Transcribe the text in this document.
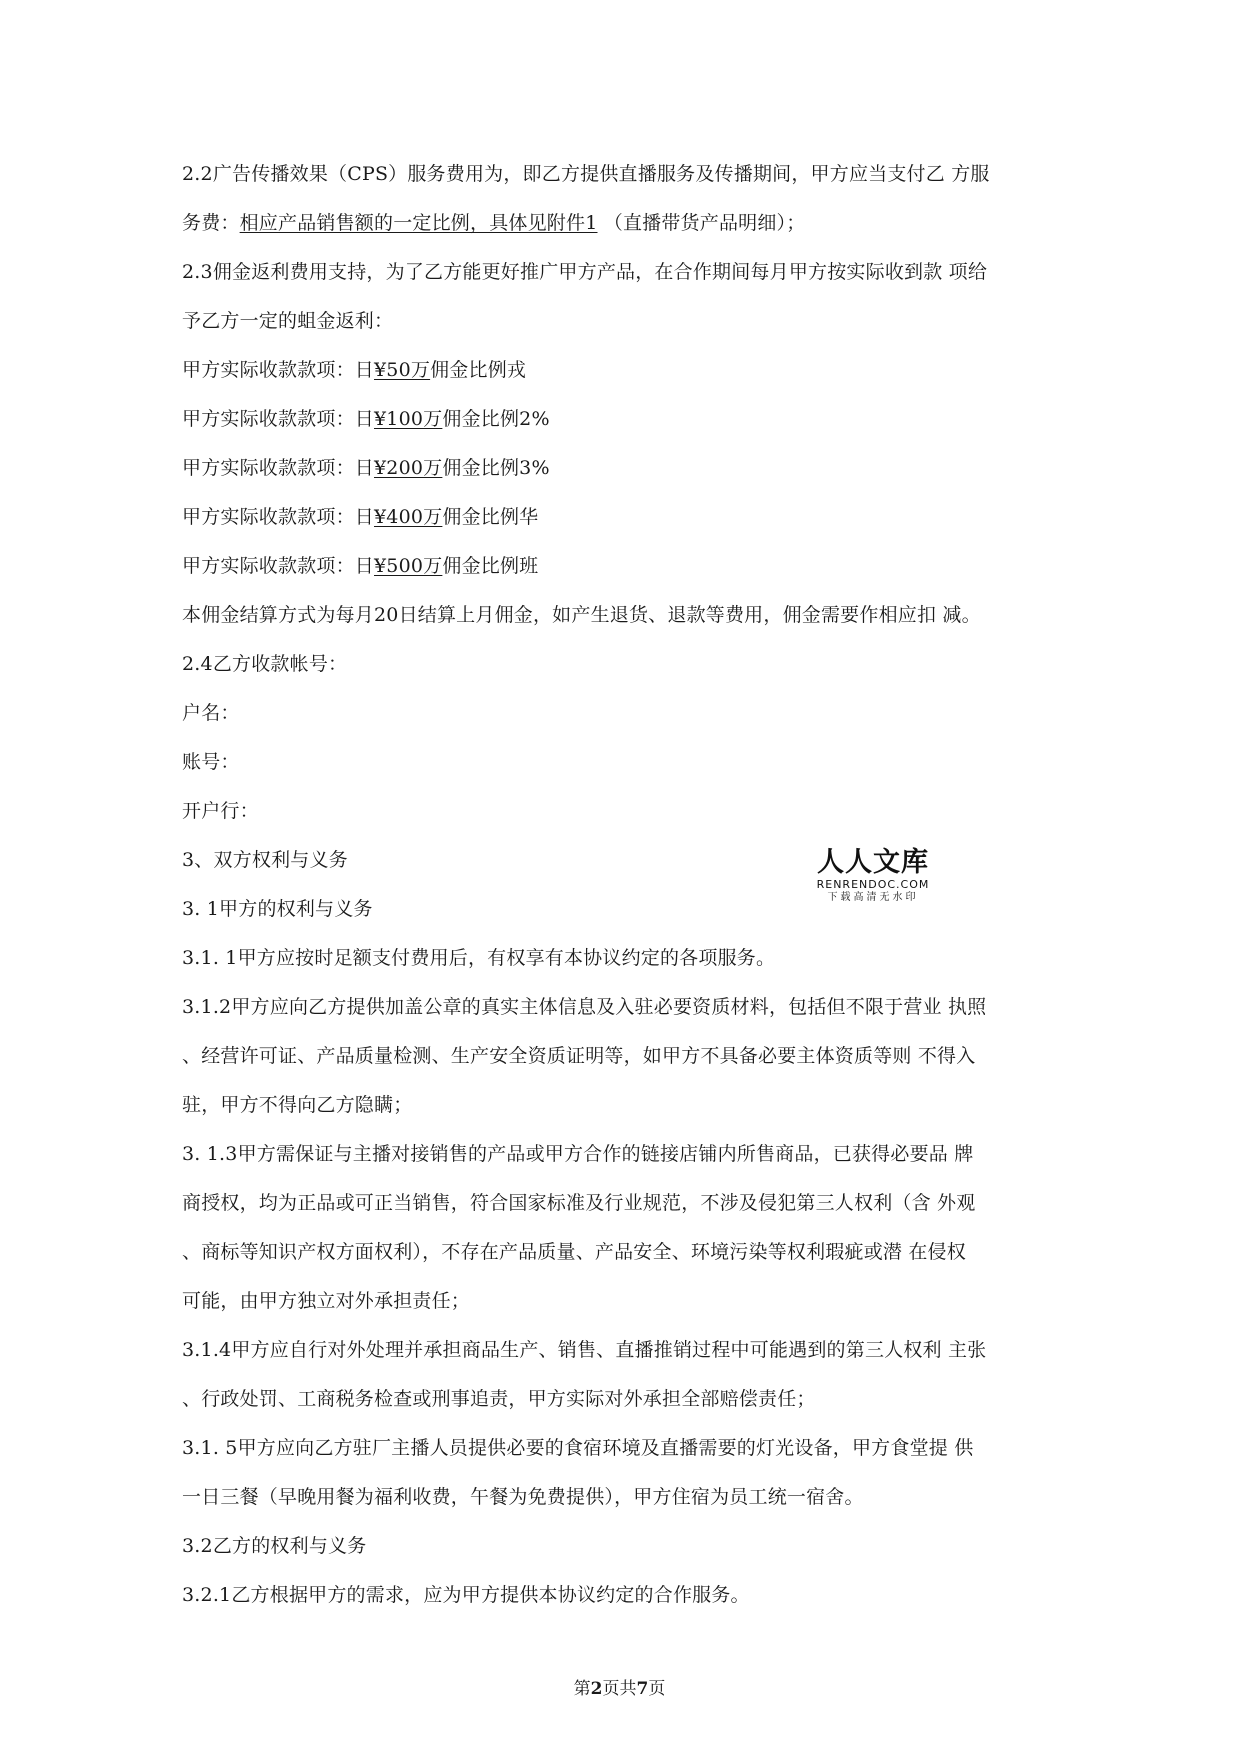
2.2广告传播效果（CPS）服务费用为，即乙方提供直播服务及传播期间，甲方应当支付乙 方服

务费：相应产品销售额的一定比例，具体见附件1 （直播带货产品明细）；

2.3佣金返利费用支持，为了乙方能更好推广甲方产品，在合作期间每月甲方按实际收到款 项给

予乙方一定的蛆金返利：

甲方实际收款款项：日¥50万佣金比例戎

甲方实际收款款项：日¥100万佣金比例2%

甲方实际收款款项：日¥200万佣金比例3%

甲方实际收款款项：日¥400万佣金比例华

甲方实际收款款项：日¥500万佣金比例班

本佣金结算方式为每月20日结算上月佣金，如产生退货、退款等费用，佣金需要作相应扣 减。

2.4乙方收款帐号：

户名：

账号：

开户行：

3、双方权利与义务

3. 1甲方的权利与义务

3.1. 1甲方应按时足额支付费用后，有权享有本协议约定的各项服务。

3.1.2甲方应向乙方提供加盖公章的真实主体信息及入驻必要资质材料，包括但不限于营业 执照

、经营许可证、产品质量检测、生产安全资质证明等，如甲方不具备必要主体资质等则 不得入

驻，甲方不得向乙方隐瞒；

3. 1.3甲方需保证与主播对接销售的产品或甲方合作的链接店铺内所售商品，已获得必要品 牌

商授权，均为正品或可正当销售，符合国家标准及行业规范，不涉及侵犯第三人权利（含 外观

、商标等知识产权方面权利），不存在产品质量、产品安全、环境污染等权利瑕疵或潜 在侵权

可能，由甲方独立对外承担责任；

3.1.4甲方应自行对外处理并承担商品生产、销售、直播推销过程中可能遇到的第三人权利 主张

、行政处罚、工商税务检查或刑事追责，甲方实际对外承担全部赔偿责任；

3.1. 5甲方应向乙方驻厂主播人员提供必要的食宿环境及直播需要的灯光设备，甲方食堂提 供

一日三餐（早晚用餐为福利收费，午餐为免费提供），甲方住宿为员工统一宿舍。

3.2乙方的权利与义务

3.2.1乙方根据甲方的需求，应为甲方提供本协议约定的合作服务。

人人文库
RENRENDOC.COM
下载高清无水印
第2页共7页
